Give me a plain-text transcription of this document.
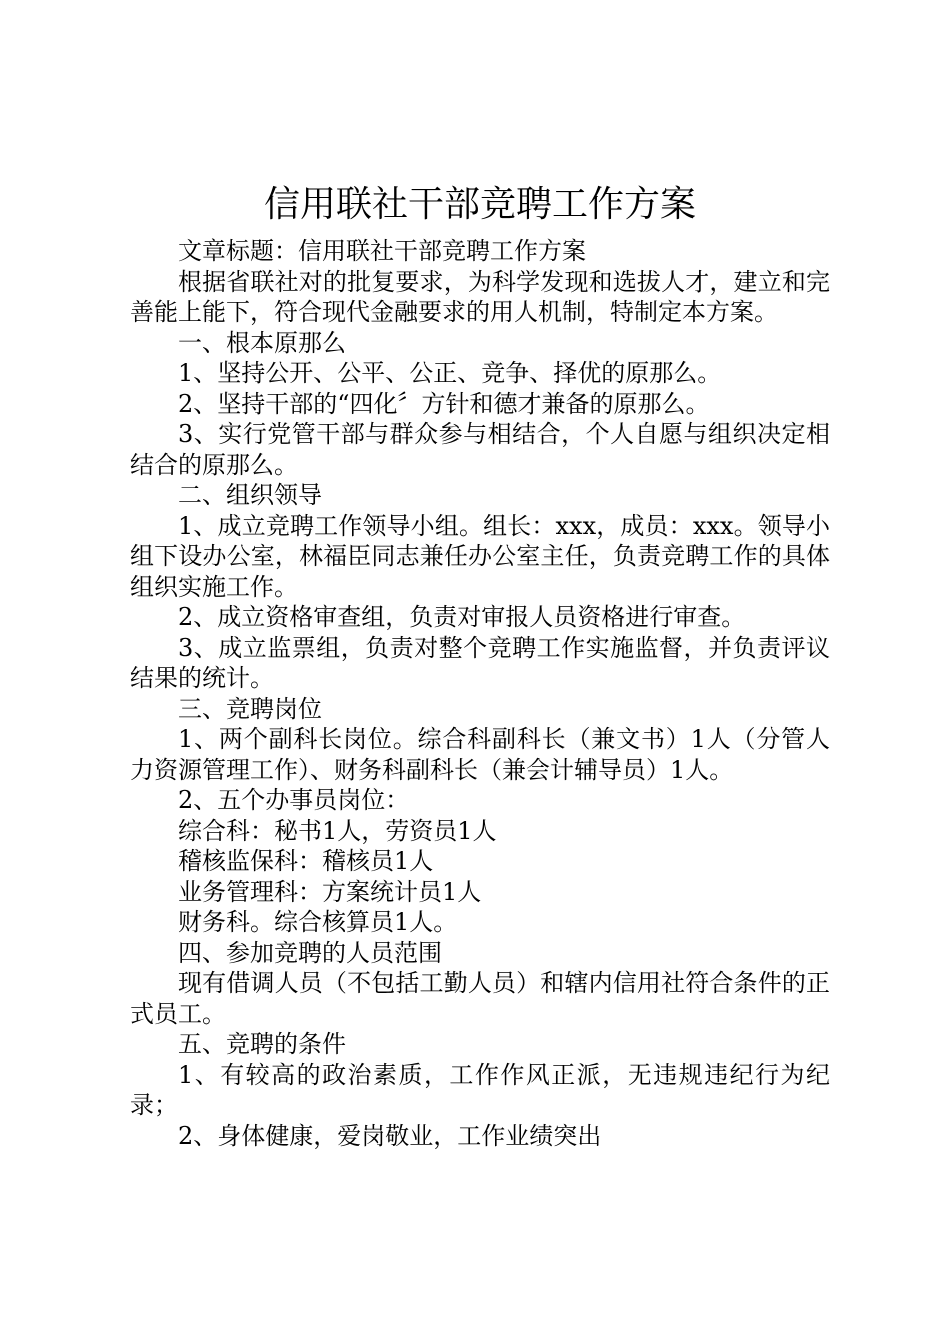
信用联社干部竞聘工作方案

文章标题：信用联社干部竞聘工作方案

根据省联社对的批复要求，为科学发现和选拔人才，建立和完善能上能下，符合现代金融要求的用人机制，特制定本方案。

一、根本原那么

1、坚持公开、公平、公正、竞争、择优的原那么。

2、坚持干部的“四化〞方针和德才兼备的原那么。

3、实行党管干部与群众参与相结合，个人自愿与组织决定相结合的原那么。

二、组织领导

1、成立竞聘工作领导小组。组长：xxx，成员：xxx。领导小组下设办公室，林福臣同志兼任办公室主任，负责竞聘工作的具体组织实施工作。

2、成立资格审查组，负责对审报人员资格进行审查。

3、成立监票组，负责对整个竞聘工作实施监督，并负责评议结果的统计。

三、竞聘岗位

1、两个副科长岗位。综合科副科长（兼文书）1人（分管人力资源管理工作）、财务科副科长（兼会计辅导员）1人。

2、五个办事员岗位：

综合科：秘书1人，劳资员1人

稽核监保科：稽核员1人

业务管理科：方案统计员1人

财务科。综合核算员1人。

四、参加竞聘的人员范围

现有借调人员（不包括工勤人员）和辖内信用社符合条件的正式员工。

五、竞聘的条件

1、有较高的政治素质，工作作风正派，无违规违纪行为纪录；

2、身体健康，爱岗敬业，工作业绩突出
